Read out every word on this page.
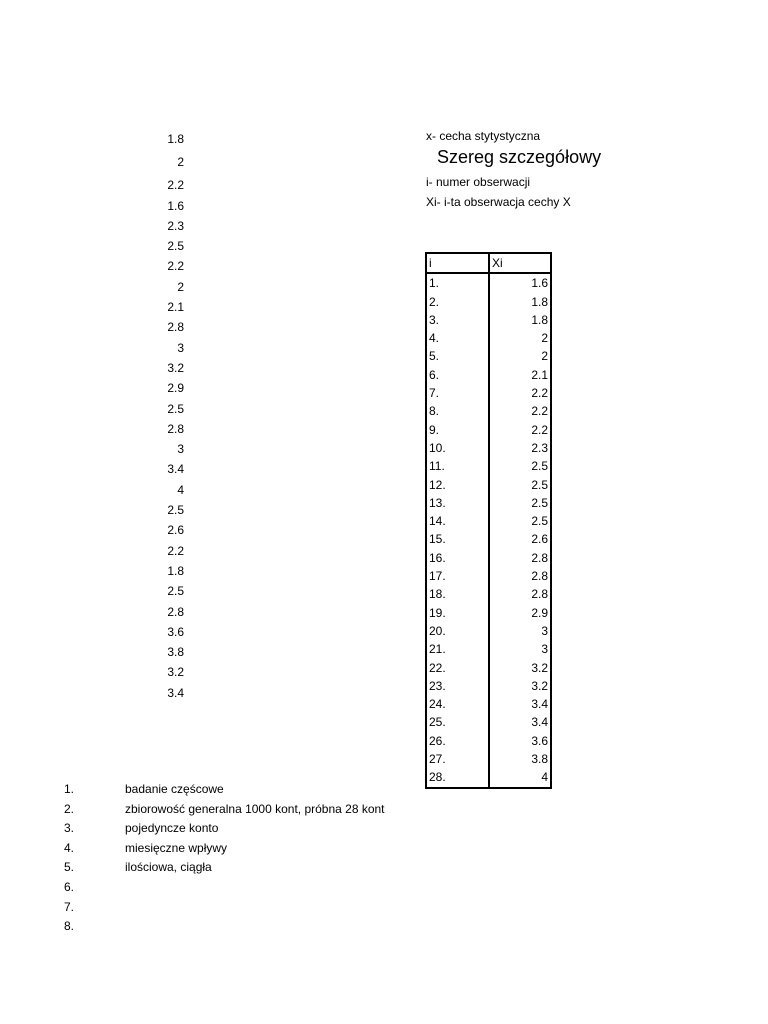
1.8
2
2.2
1.6
2.3
2.5
2.2
2
2.1
2.8
3
3.2
2.9
2.5
2.8
3
3.4
4
2.5
2.6
2.2
1.8
2.5
2.8
3.6
3.8
3.2
3.4
x- cecha stytystyczna
Szereg szczegółowy
i- numer obserwacji
Xi- i-ta obserwacja cechy X
i	Xi
1.	1.6
2.	1.8
3.	1.8
4.	2
5.	2
6.	2.1
7.	2.2
8.	2.2
9.	2.2
10.	2.3
11.	2.5
12.	2.5
13.	2.5
14.	2.5
15.	2.6
16.	2.8
17.	2.8
18.	2.8
19.	2.9
20.	3
21.	3
22.	3.2
23.	3.2
24.	3.4
25.	3.4
26.	3.6
27.	3.8
28.	4
1.	badanie częścowe
2.	zbiorowość generalna 1000 kont, próbna 28 kont
3.	pojedyncze konto
4.	miesięczne wpływy
5.	ilościowa, ciągła
6.
7.
8.
